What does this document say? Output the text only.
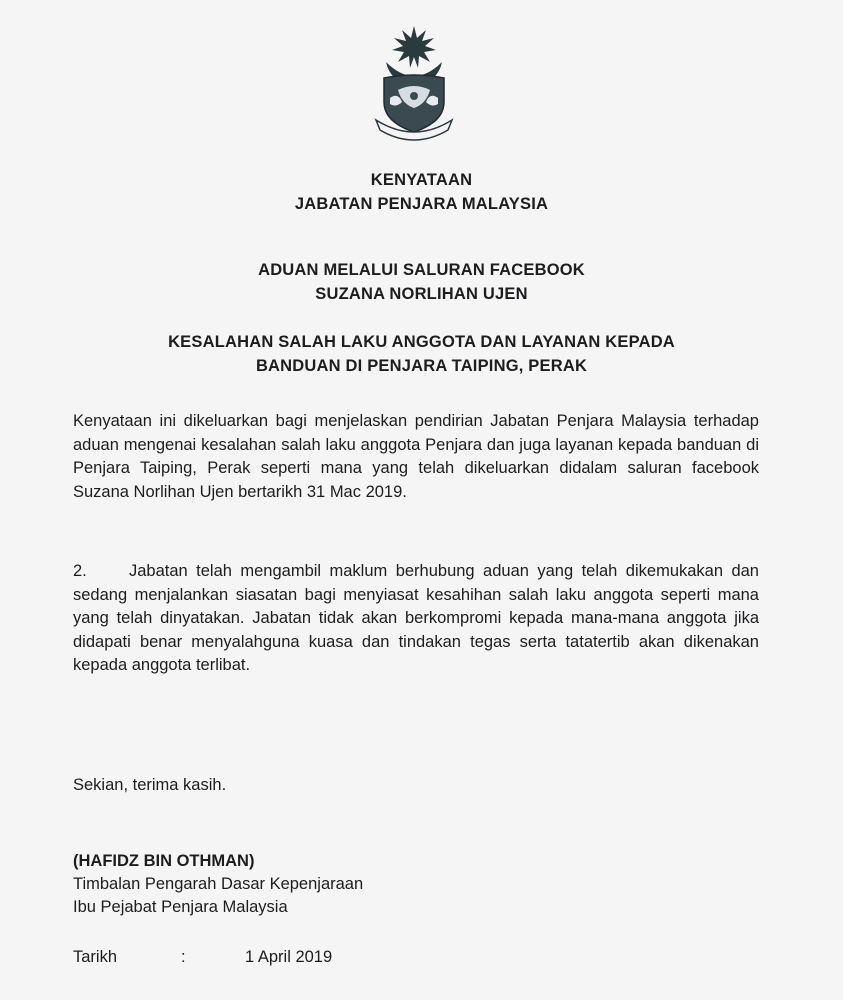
KENYATAAN
JABATAN PENJARA MALAYSIA
ADUAN MELALUI SALURAN FACEBOOK
SUZANA NORLIHAN UJEN
KESALAHAN SALAH LAKU ANGGOTA DAN LAYANAN KEPADA
BANDUAN DI PENJARA TAIPING, PERAK
Kenyataan ini dikeluarkan bagi menjelaskan pendirian Jabatan Penjara Malaysia terhadap aduan mengenai kesalahan salah laku anggota Penjara dan juga layanan kepada banduan di Penjara Taiping, Perak seperti mana yang telah dikeluarkan didalam saluran facebook Suzana Norlihan Ujen bertarikh 31 Mac 2019.
2.	Jabatan telah mengambil maklum berhubung aduan yang telah dikemukakan dan sedang menjalankan siasatan bagi menyiasat kesahihan salah laku anggota seperti mana yang telah dinyatakan. Jabatan tidak akan berkompromi kepada mana-mana anggota jika didapati benar menyalahguna kuasa dan tindakan tegas serta tatatertib akan dikenakan kepada anggota terlibat.
Sekian, terima kasih.
(HAFIDZ BIN OTHMAN)
Timbalan Pengarah Dasar Kepenjaraan
Ibu Pejabat Penjara Malaysia
Tarikh	:	1 April 2019
